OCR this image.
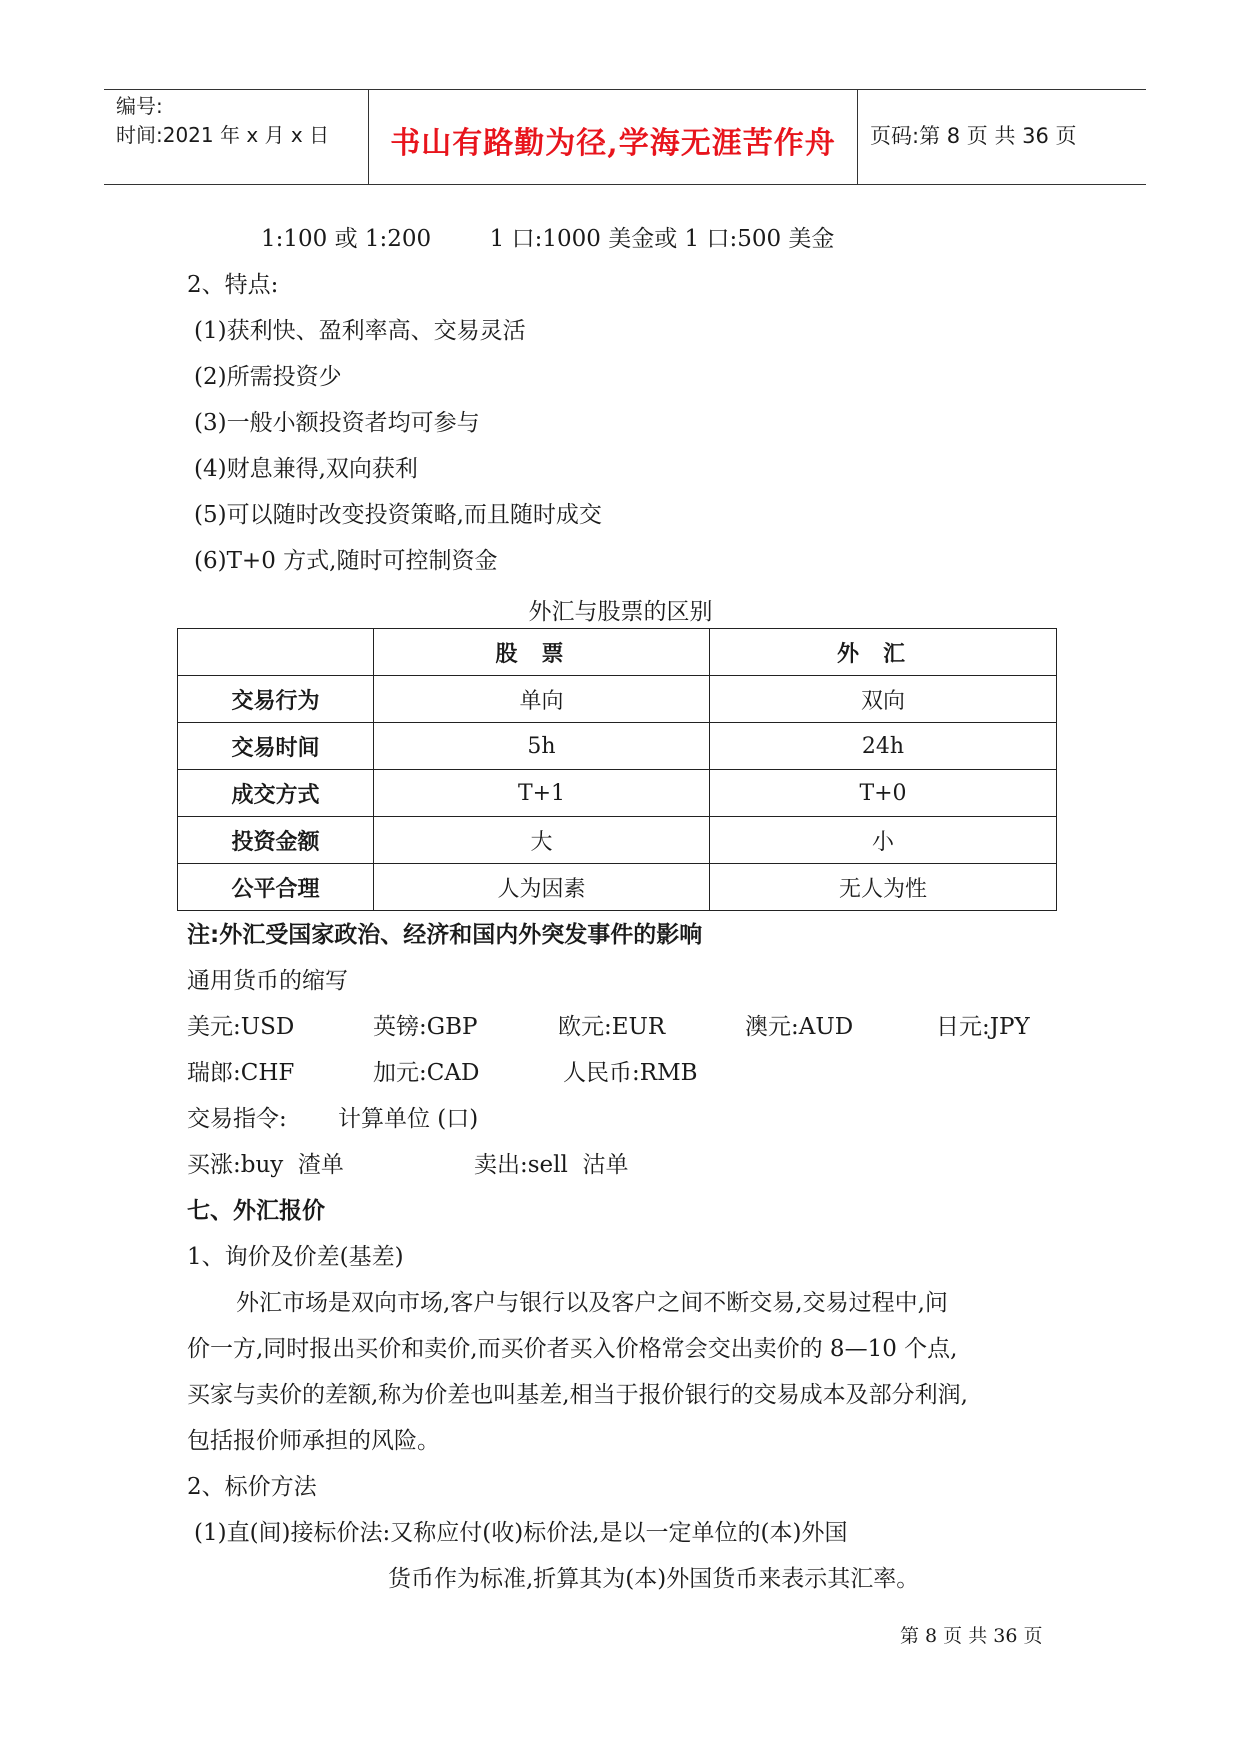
编号:
时间:2021 年 x 月 x 日	书山有路勤为径,学海无涯苦作舟	页码:第 8 页 共 36 页
1:100 或 1:200        1 口:1000 美金或 1 口:500 美金
2、特点:
(1)获利快、盈利率高、交易灵活
(2)所需投资少
(3)一般小额投资者均可参与
(4)财息兼得,双向获利
(5)可以随时改变投资策略,而且随时成交
(6)T+0 方式,随时可控制资金
外汇与股票的区别
	股票	外汇
交易行为	单向	双向
交易时间	5h	24h
成交方式	T+1	T+0
投资金额	大	小
公平合理	人为因素	无人为性
注:外汇受国家政治、经济和国内外突发事件的影响
通用货币的缩写
美元:USD	英镑:GBP	欧元:EUR	澳元:AUD	日元:JPY
瑞郎:CHF	加元:CAD	人民币:RMB
交易指令: 计算单位 (口)
买涨:buy  渣单	卖出:sell  沽单
七、外汇报价
1、询价及价差(基差)
外汇市场是双向市场,客户与银行以及客户之间不断交易,交易过程中,问
价一方,同时报出买价和卖价,而买价者买入价格常会交出卖价的 8—10 个点,
买家与卖价的差额,称为价差也叫基差,相当于报价银行的交易成本及部分利润,
包括报价师承担的风险。
2、标价方法
(1)直(间)接标价法:又称应付(收)标价法,是以一定单位的(本)外国
货币作为标准,折算其为(本)外国货币来表示其汇率。
第 8 页 共 36 页
